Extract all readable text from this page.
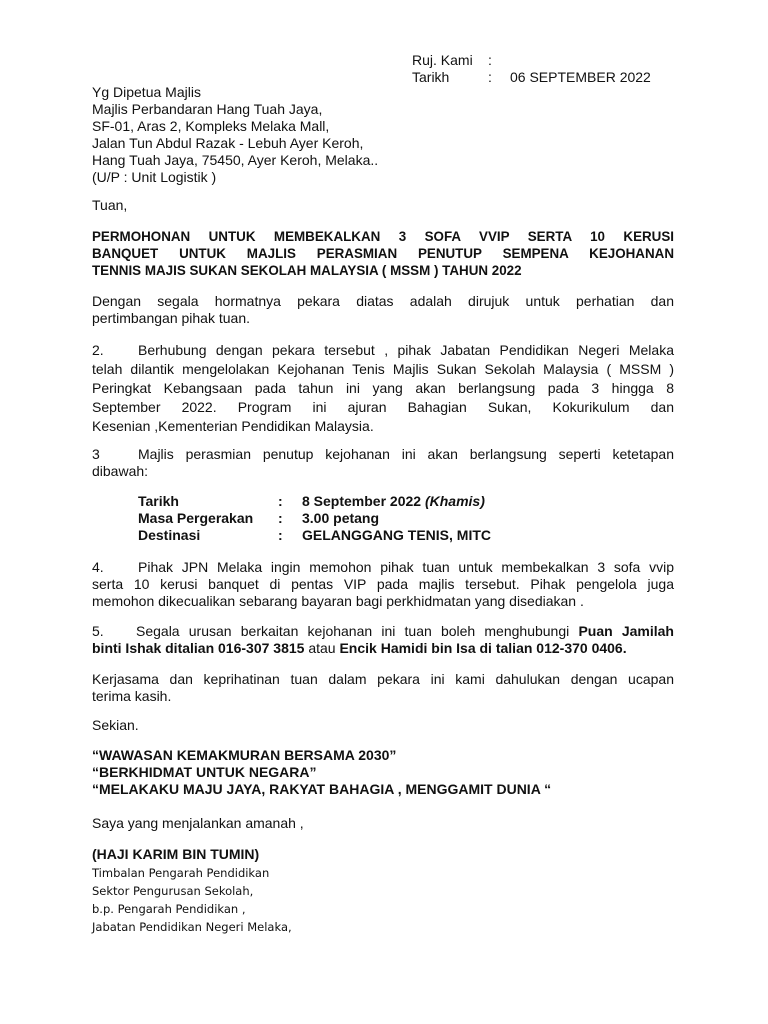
Ruj. Kami	:
Tarikh	:	06 SEPTEMBER 2022
Yg Dipetua Majlis
Majlis Perbandaran Hang Tuah Jaya,
SF-01, Aras 2, Kompleks Melaka Mall,
Jalan Tun Abdul Razak - Lebuh Ayer Keroh,
Hang Tuah Jaya, 75450, Ayer Keroh, Melaka..
(U/P : Unit Logistik )
Tuan,
PERMOHONAN UNTUK MEMBEKALKAN 3 SOFA VVIP SERTA 10 KERUSI
BANQUET UNTUK MAJLIS PERASMIAN PENUTUP SEMPENA KEJOHANAN
TENNIS MAJIS SUKAN SEKOLAH MALAYSIA ( MSSM ) TAHUN 2022
Dengan segala hormatnya pekara diatas adalah dirujuk untuk perhatian dan
pertimbangan pihak tuan.
2. Berhubung dengan pekara tersebut , pihak Jabatan Pendidikan Negeri Melaka
telah dilantik mengelolakan Kejohanan Tenis Majlis Sukan Sekolah Malaysia ( MSSM )
Peringkat Kebangsaan pada tahun ini yang akan berlangsung pada 3 hingga 8
September 2022. Program ini ajuran Bahagian Sukan, Kokurikulum dan
Kesenian ,Kementerian Pendidikan Malaysia.
3	Majlis perasmian penutup kejohanan ini akan berlangsung seperti ketetapan
dibawah:
Tarikh	:	8 September 2022 (Khamis)
Masa Pergerakan	:	3.00 petang
Destinasi	:	GELANGGANG TENIS, MITC
4. Pihak JPN Melaka ingin memohon pihak tuan untuk membekalkan 3 sofa vvip
serta 10 kerusi banquet di pentas VIP pada majlis tersebut. Pihak pengelola juga
memohon dikecualikan sebarang bayaran bagi perkhidmatan yang disediakan .
5. Segala urusan berkaitan kejohanan ini tuan boleh menghubungi Puan Jamilah
binti Ishak ditalian 016-307 3815 atau Encik Hamidi bin Isa di talian 012-370 0406.
Kerjasama dan keprihatinan tuan dalam pekara ini kami dahulukan dengan ucapan
terima kasih.
Sekian.
“WAWASAN KEMAKMURAN BERSAMA 2030”
“BERKHIDMAT UNTUK NEGARA”
“MELAKAKU MAJU JAYA, RAKYAT BAHAGIA , MENGGAMIT DUNIA “
Saya yang menjalankan amanah ,
(HAJI KARIM BIN TUMIN)
Timbalan Pengarah Pendidikan
Sektor Pengurusan Sekolah,
b.p. Pengarah Pendidikan ,
Jabatan Pendidikan Negeri Melaka,
